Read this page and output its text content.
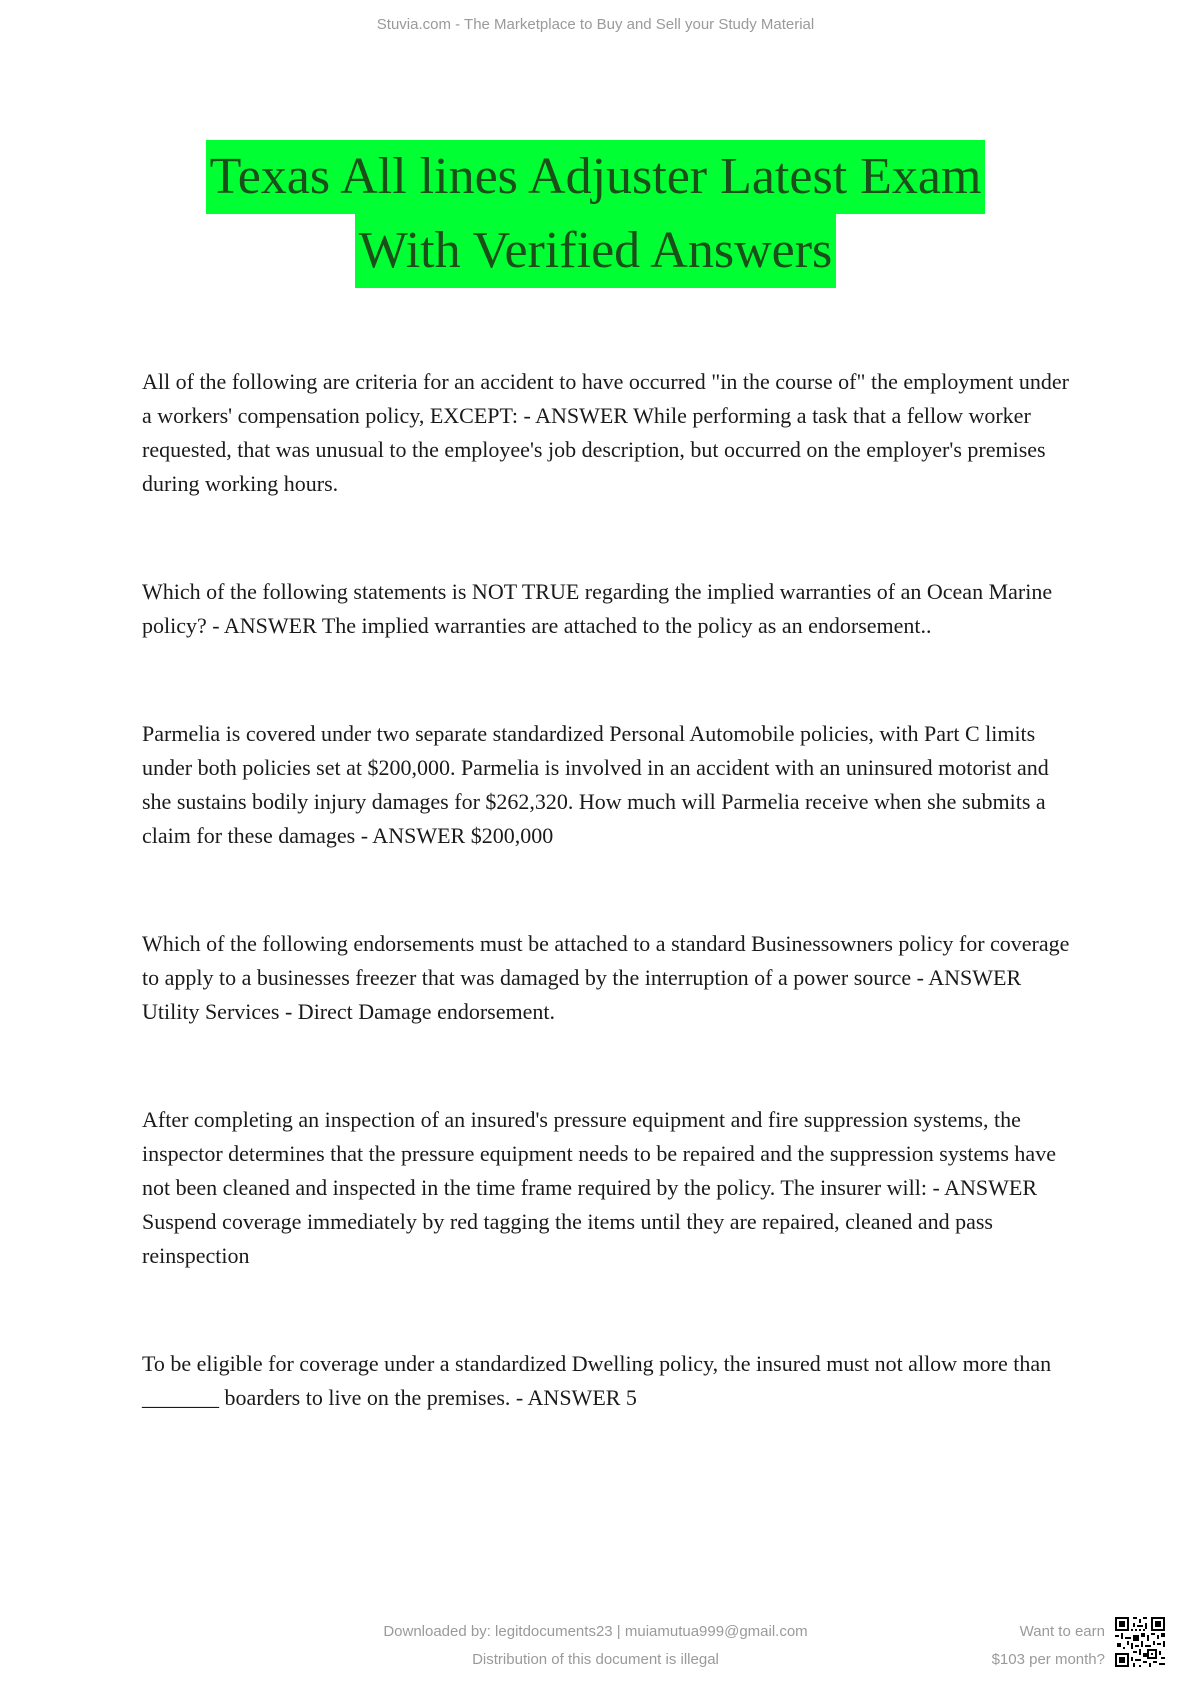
Stuvia.com - The Marketplace to Buy and Sell your Study Material
Texas All lines Adjuster Latest Exam
With Verified Answers

All of the following are criteria for an accident to have occurred "in the course of" the employment under a workers' compensation policy, EXCEPT: - ANSWER While performing a task that a fellow worker requested, that was unusual to the employee's job description, but occurred on the employer's premises during working hours.

Which of the following statements is NOT TRUE regarding the implied warranties of an Ocean Marine policy? - ANSWER The implied warranties are attached to the policy as an endorsement..

Parmelia is covered under two separate standardized Personal Automobile policies, with Part C limits under both policies set at $200,000. Parmelia is involved in an accident with an uninsured motorist and she sustains bodily injury damages for $262,320. How much will Parmelia receive when she submits a claim for these damages - ANSWER $200,000

Which of the following endorsements must be attached to a standard Businessowners policy for coverage to apply to a businesses freezer that was damaged by the interruption of a power source - ANSWER Utility Services - Direct Damage endorsement.

After completing an inspection of an insured's pressure equipment and fire suppression systems, the inspector determines that the pressure equipment needs to be repaired and the suppression systems have not been cleaned and inspected in the time frame required by the policy. The insurer will: - ANSWER Suspend coverage immediately by red tagging the items until they are repaired, cleaned and pass reinspection

To be eligible for coverage under a standardized Dwelling policy, the insured must not allow more than _______ boarders to live on the premises. - ANSWER 5

Downloaded by: legitdocuments23 | muiamutua999@gmail.com
Distribution of this document is illegal
Want to earn
$103 per month?
